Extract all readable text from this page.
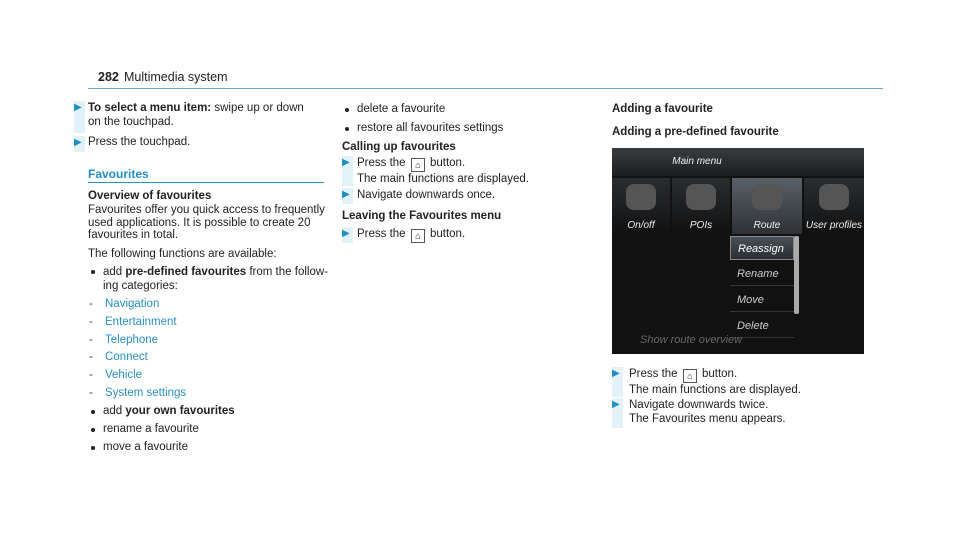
282 Multimedia system
▶ To select a menu item: swipe up or down

on the touchpad.

▶ Press the touchpad.
Favourites
Overview of favourites

Favourites offer you quick access to frequently

used applications. It is possible to create 20

favourites in total.

The following functions are available:

add pre-defined favourites from the follow-

ing categories:

- Navigation
- Entertainment
- Telephone
- Connect
- Vehicle
- System settings
add your own favourites
rename a favourite
move a favourite
delete a favourite
restore all favourites settings
Calling up favourites
▶ Press the ⌂ button.

The main functions are displayed.

▶ Navigate downwards once.
Leaving the Favourites menu
▶ Press the ⌂ button.
Adding a favourite
Adding a pre-defined favourite
Main menu
On/off	POIs	Route	User profiles
Reassign
Rename
Move
Delete
Show route overview
▶ Press the ⌂ button.

The main functions are displayed.

▶ Navigate downwards twice.

The Favourites menu appears.
